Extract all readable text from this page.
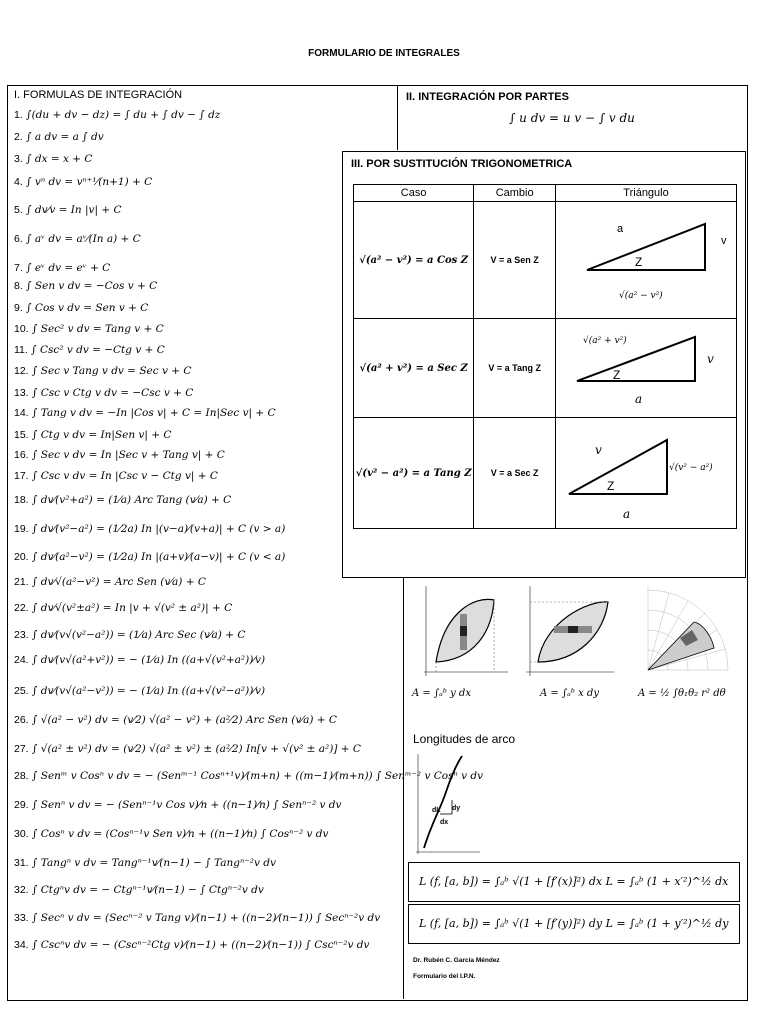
FORMULARIO DE INTEGRALES
I. FORMULAS DE INTEGRACIÓN
1. ∫(du + dv − dz) = ∫ du + ∫ dv − ∫ dz
2. ∫ a dv = a ∫ dv
3. ∫ dx = x + C
4. ∫ vⁿ dv = vⁿ⁺¹⁄(n+1) + C
5. ∫ dv⁄v = In |v| + C
6. ∫ aᵛ dv = aᵛ⁄(In a) + C
7. ∫ eᵛ dv = eᵛ + C
8. ∫ Sen v dv = −Cos v + C
9. ∫ Cos v dv = Sen v + C
10. ∫ Sec² v dv = Tang v + C
11. ∫ Csc² v dv = −Ctg v + C
12. ∫ Sec v Tang v dv = Sec v + C
13. ∫ Csc v Ctg v dv = −Csc v + C
14. ∫ Tang v dv = −In |Cos v| + C = In|Sec v| + C
15. ∫ Ctg v dv = In|Sen v| + C
16. ∫ Sec v dv = In |Sec v + Tang v| + C
17. ∫ Csc v dv = In |Csc v − Ctg v| + C
18. ∫ dv⁄(v²+a²) = (1⁄a) Arc Tang (v⁄a) + C
19. ∫ dv⁄(v²−a²) = (1⁄2a) In |(v−a)⁄(v+a)| + C (v > a)
20. ∫ dv⁄(a²−v²) = (1⁄2a) In |(a+v)⁄(a−v)| + C (v < a)
21. ∫ dv⁄√(a²−v²) = Arc Sen (v⁄a) + C
22. ∫ dv⁄√(v²±a²) = In |v + √(v² ± a²)| + C
23. ∫ dv⁄(v√(v²−a²)) = (1⁄a) Arc Sec (v⁄a) + C
24. ∫ dv⁄(v√(a²+v²)) = − (1⁄a) In ((a+√(v²+a²))⁄v)
25. ∫ dv⁄(v√(a²−v²)) = − (1⁄a) In ((a+√(v²−a²))⁄v)
26. ∫ √(a² − v²) dv = (v⁄2) √(a² − v²) + (a²⁄2) Arc Sen (v⁄a) + C
27. ∫ √(a² ± v²) dv = (v⁄2) √(a² ± v²) ± (a²⁄2) In[v + √(v² ± a²)] + C
28. ∫ Senᵐ v Cosⁿ v dv = − (Senᵐ⁻¹ Cosⁿ⁺¹v)⁄(m+n) + ((m−1)⁄(m+n)) ∫ Senᵐ⁻² v Cosⁿ v dv
29. ∫ Senⁿ v dv = − (Senⁿ⁻¹v Cos v)⁄n + ((n−1)⁄n) ∫ Senⁿ⁻² v dv
30. ∫ Cosⁿ v dv = (Cosⁿ⁻¹v Sen v)⁄n + ((n−1)⁄n) ∫ Cosⁿ⁻² v dv
31. ∫ Tangⁿ v dv = Tangⁿ⁻¹v⁄(n−1) − ∫ Tangⁿ⁻²v dv
32. ∫ Ctgⁿv dv = − Ctgⁿ⁻¹v⁄(n−1) − ∫ Ctgⁿ⁻²v dv
33. ∫ Secⁿ v dv = (Secⁿ⁻² v Tang v)⁄(n−1) + ((n−2)⁄(n−1)) ∫ Secⁿ⁻²v dv
34. ∫ Cscⁿv dv = − (Cscⁿ⁻²Ctg v)⁄(n−1) + ((n−2)⁄(n−1)) ∫ Cscⁿ⁻²v dv
II. INTEGRACIÓN POR PARTES
∫ u dv = u v − ∫ v du
III. POR SUSTITUCIÓN TRIGONOMETRICA
Caso	Cambio	Triángulo
√(a² − v²) = a Cos Z	V = a Sen Z	a
v
Z
√(a² − v²)

√(a² + v²) = a Sec Z	V = a Tang Z	√(a² + v²)
v
Z
a

√(v² − a²) = a Tang Z	V = a Sec Z	v
√(v² − a²)
Z
a
A = ∫ₐᵇ y dx	A = ∫ₐᵇ x dy	A = ½ ∫θ₁θ₂ r² dθ
Longitudes de arco
dL dy
dx
L (f, [a, b]) = ∫ₐᵇ √(1 + [f′(x)]²) dx L = ∫ₐᵇ (1 + x′²)^½ dx
L (f, [a, b]) = ∫ₐᵇ √(1 + [f′(y)]²) dy L = ∫ₐᵇ (1 + y′²)^½ dy
Dr. Rubén C. García Méndez
Formulario del I.P.N.
